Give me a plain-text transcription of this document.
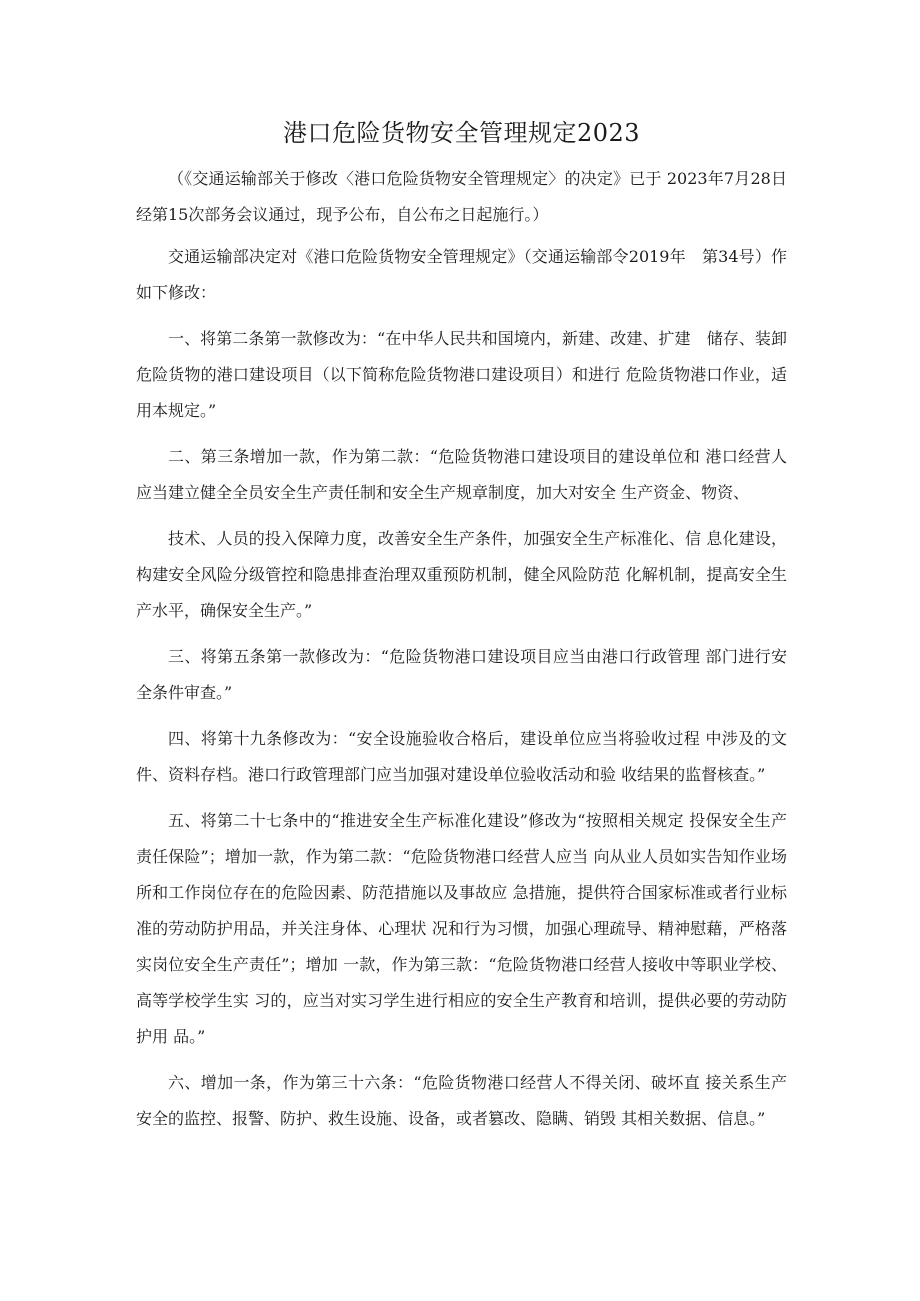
港口危险货物安全管理规定2023

（《交通运输部关于修改〈港口危险货物安全管理规定〉的决定》已于 2023年7月28日经第15次部务会议通过，现予公布，自公布之日起施行。）

交通运输部决定对《港口危险货物安全管理规定》（交通运输部令2019年　第34号）作如下修改：

一、将第二条第一款修改为：“在中华人民共和国境内，新建、改建、扩建　储存、装卸危险货物的港口建设项目（以下简称危险货物港口建设项目）和进行 危险货物港口作业，适用本规定。”

二、第三条增加一款，作为第二款：“危险货物港口建设项目的建设单位和 港口经营人应当建立健全全员安全生产责任制和安全生产规章制度，加大对安全 生产资金、物资、

技术、人员的投入保障力度，改善安全生产条件，加强安全生产标准化、信 息化建设，构建安全风险分级管控和隐患排查治理双重预防机制，健全风险防范 化解机制，提高安全生产水平，确保安全生产。”

三、将第五条第一款修改为：“危险货物港口建设项目应当由港口行政管理 部门进行安全条件审查。”

四、将第十九条修改为：“安全设施验收合格后，建设单位应当将验收过程 中涉及的文件、资料存档。港口行政管理部门应当加强对建设单位验收活动和验 收结果的监督核查。”

五、将第二十七条中的“推进安全生产标准化建设”修改为“按照相关规定 投保安全生产责任保险”；增加一款，作为第二款：“危险货物港口经营人应当 向从业人员如实告知作业场所和工作岗位存在的危险因素、防范措施以及事故应 急措施，提供符合国家标准或者行业标准的劳动防护用品，并关注身体、心理状 况和行为习惯，加强心理疏导、精神慰藉，严格落实岗位安全生产责任”；增加 一款，作为第三款：“危险货物港口经营人接收中等职业学校、高等学校学生实 习的，应当对实习学生进行相应的安全生产教育和培训，提供必要的劳动防护用 品。”

六、增加一条，作为第三十六条：“危险货物港口经营人不得关闭、破坏直 接关系生产安全的监控、报警、防护、救生设施、设备，或者篡改、隐瞒、销毁 其相关数据、信息。”
